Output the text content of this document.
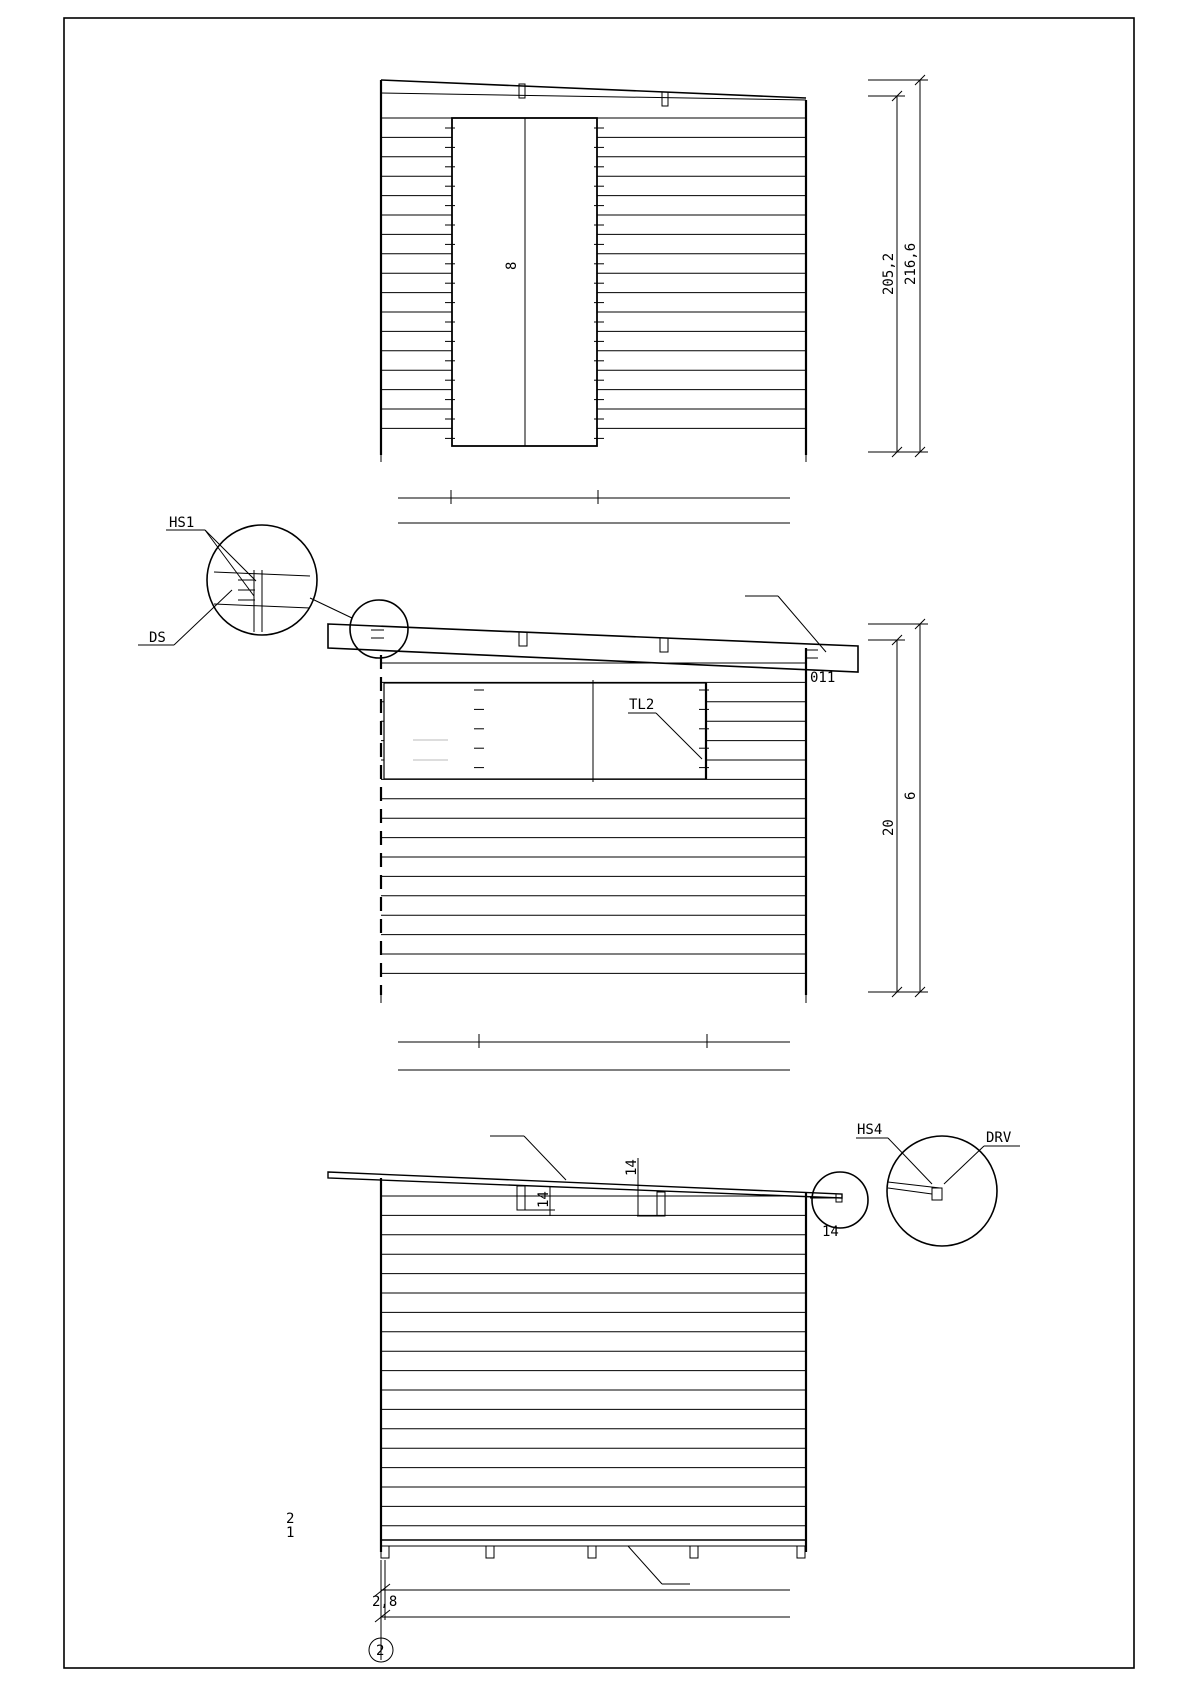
8	205,2 216,6
HS1
DS
TL2
011
20
6
14
14
14
HS4	DRV
2
1
2,8
2
